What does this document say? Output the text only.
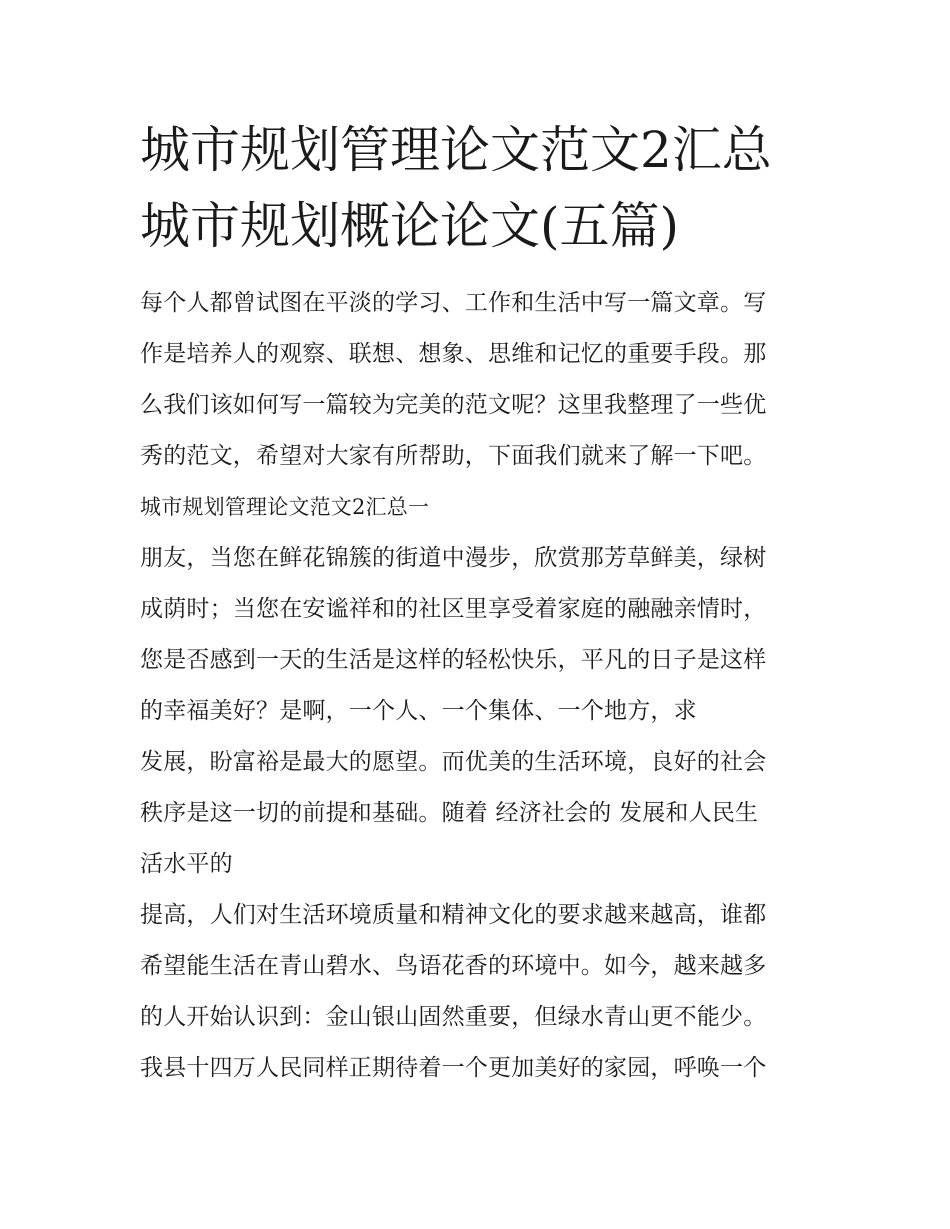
城市规划管理论文范文2汇总
城市规划概论论文(五篇)
每个人都曾试图在平淡的学习、工作和生活中写一篇文章。写
作是培养人的观察、联想、想象、思维和记忆的重要手段。那
么我们该如何写一篇较为完美的范文呢？这里我整理了一些优
秀的范文，希望对大家有所帮助，下面我们就来了解一下吧。
城市规划管理论文范文2汇总一
朋友，当您在鲜花锦簇的街道中漫步，欣赏那芳草鲜美，绿树
成荫时；当您在安谧祥和的社区里享受着家庭的融融亲情时，
您是否感到一天的生活是这样的轻松快乐，平凡的日子是这样
的幸福美好？是啊，一个人、一个集体、一个地方，求
发展，盼富裕是最大的愿望。而优美的生活环境，良好的社会
秩序是这一切的前提和基础。随着 经济社会的 发展和人民生
活水平的
提高，人们对生活环境质量和精神文化的要求越来越高，谁都
希望能生活在青山碧水、鸟语花香的环境中。如今，越来越多
的人开始认识到：金山银山固然重要，但绿水青山更不能少。
我县十四万人民同样正期待着一个更加美好的家园，呼唤一个
